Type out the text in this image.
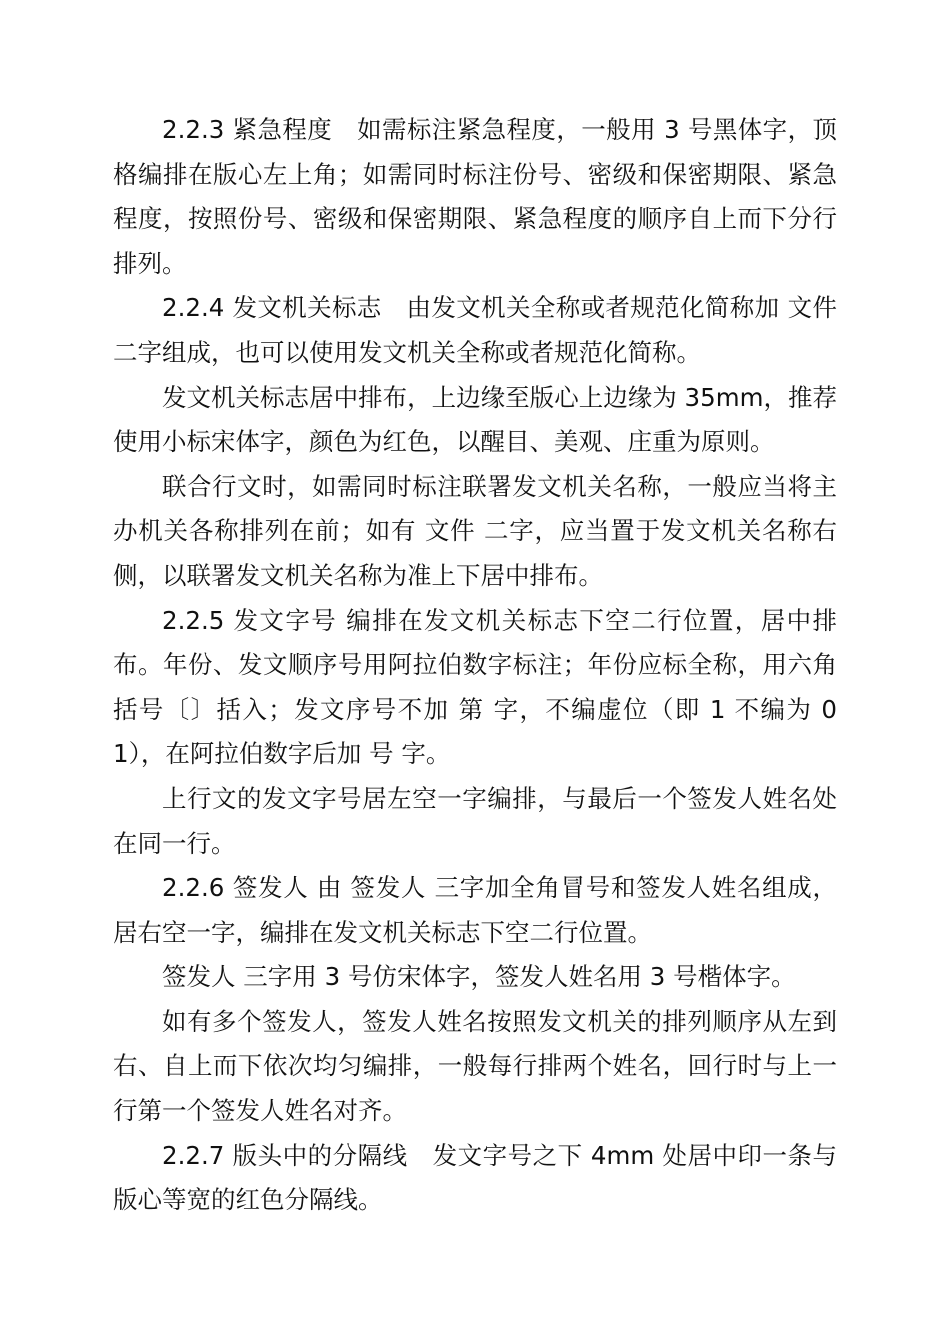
2.2.3 紧急程度　如需标注紧急程度，一般用 3 号黑体字，顶格编排在版心左上角；如需同时标注份号、密级和保密期限、紧急程度，按照份号、密级和保密期限、紧急程度的顺序自上而下分行排列。

2.2.4 发文机关标志　由发文机关全称或者规范化简称加 文件 二字组成，也可以使用发文机关全称或者规范化简称。

发文机关标志居中排布，上边缘至版心上边缘为 35mm，推荐使用小标宋体字，颜色为红色，以醒目、美观、庄重为原则。

联合行文时，如需同时标注联署发文机关名称，一般应当将主办机关各称排列在前；如有 文件 二字，应当置于发文机关名称右侧，以联署发文机关名称为准上下居中排布。

2.2.5 发文字号 编排在发文机关标志下空二行位置，居中排布。年份、发文顺序号用阿拉伯数字标注；年份应标全称，用六角括号〔〕括入；发文序号不加 第 字，不编虚位（即 1 不编为 01），在阿拉伯数字后加 号 字。

上行文的发文字号居左空一字编排，与最后一个签发人姓名处在同一行。

2.2.6 签发人 由 签发人 三字加全角冒号和签发人姓名组成，居右空一字，编排在发文机关标志下空二行位置。

签发人 三字用 3 号仿宋体字，签发人姓名用 3 号楷体字。

如有多个签发人，签发人姓名按照发文机关的排列顺序从左到右、自上而下依次均匀编排，一般每行排两个姓名，回行时与上一行第一个签发人姓名对齐。

2.2.7 版头中的分隔线　发文字号之下 4mm 处居中印一条与版心等宽的红色分隔线。
